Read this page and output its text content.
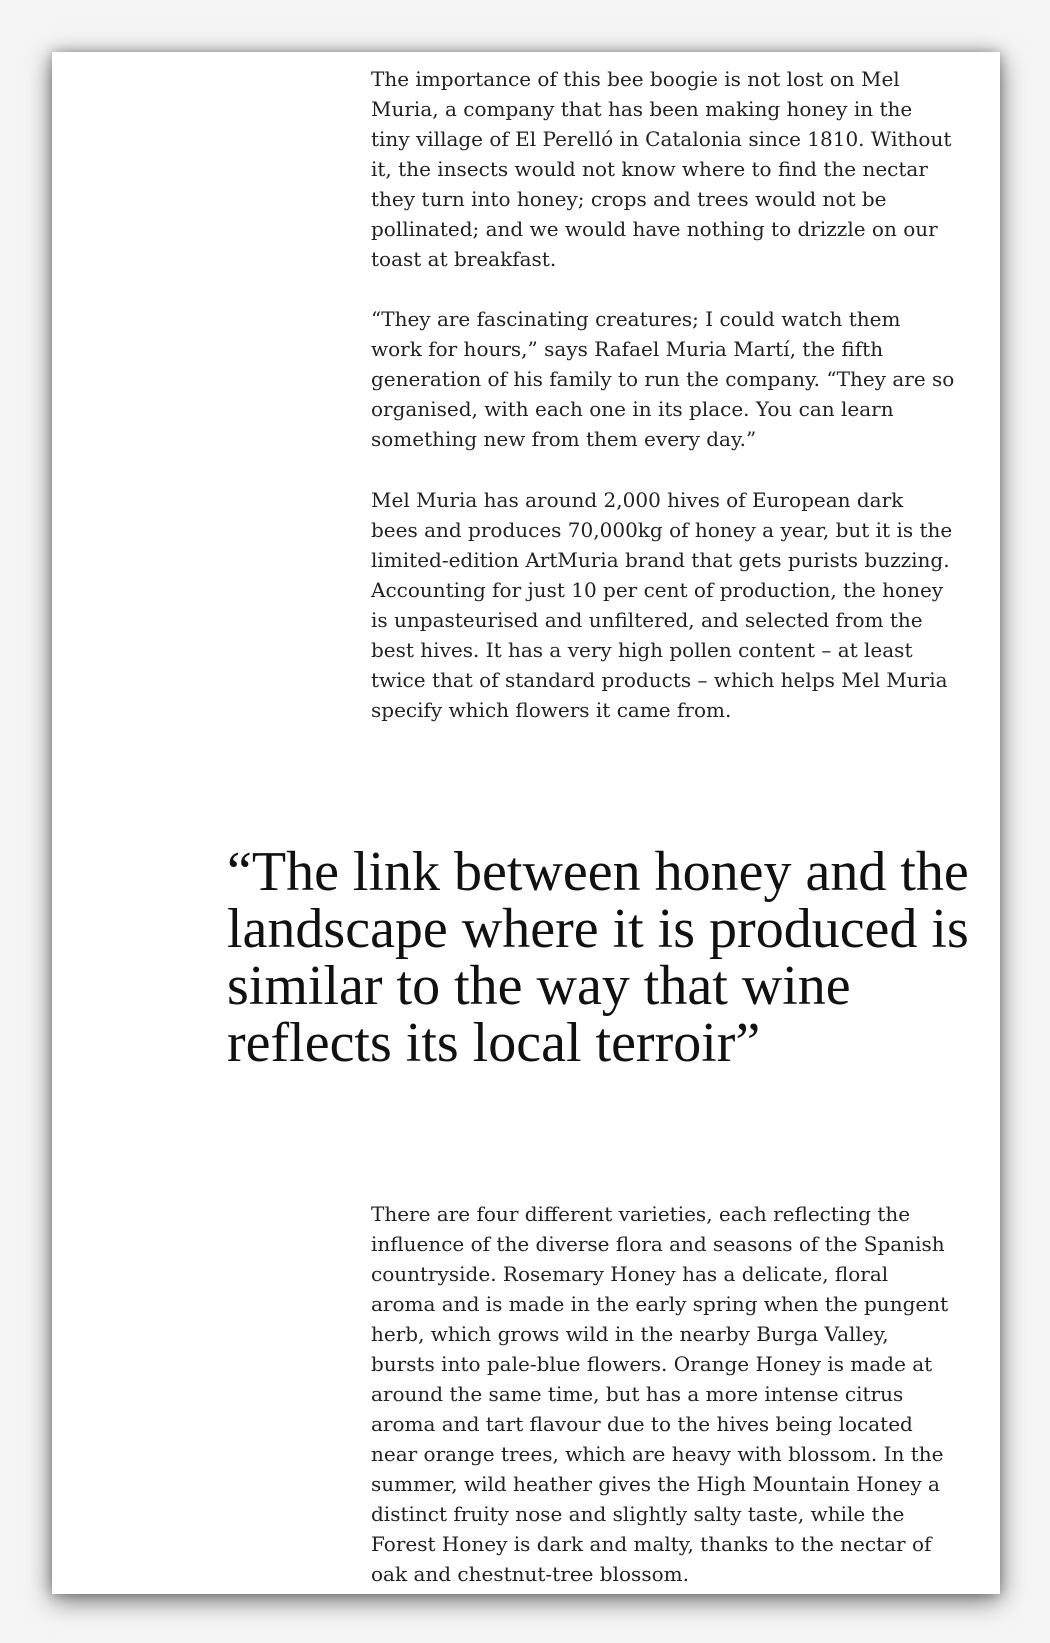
The importance of this bee boogie is not lost on Mel Muria, a company that has been making honey in the tiny village of El Perelló in Catalonia since 1810. Without it, the insects would not know where to find the nectar they turn into honey; crops and trees would not be pollinated; and we would have nothing to drizzle on our toast at breakfast.

“They are fascinating creatures; I could watch them work for hours,” says Rafael Muria Martí, the fifth generation of his family to run the company. “They are so organised, with each one in its place. You can learn something new from them every day.”

Mel Muria has around 2,000 hives of European dark bees and produces 70,000kg of honey a year, but it is the limited-edition ArtMuria brand that gets purists buzzing. Accounting for just 10 per cent of production, the honey is unpasteurised and unfiltered, and selected from the best hives. It has a very high pollen content – at least twice that of standard products – which helps Mel Muria specify which flowers it came from.

“The link between honey and the landscape where it is produced is similar to the way that wine reflects its local terroir”

There are four different varieties, each reflecting the influence of the diverse flora and seasons of the Spanish countryside. Rosemary Honey has a delicate, floral aroma and is made in the early spring when the pungent herb, which grows wild in the nearby Burga Valley, bursts into pale-blue flowers. Orange Honey is made at around the same time, but has a more intense citrus aroma and tart flavour due to the hives being located near orange trees, which are heavy with blossom. In the summer, wild heather gives the High Mountain Honey a distinct fruity nose and slightly salty taste, while the Forest Honey is dark and malty, thanks to the nectar of oak and chestnut-tree blossom.
